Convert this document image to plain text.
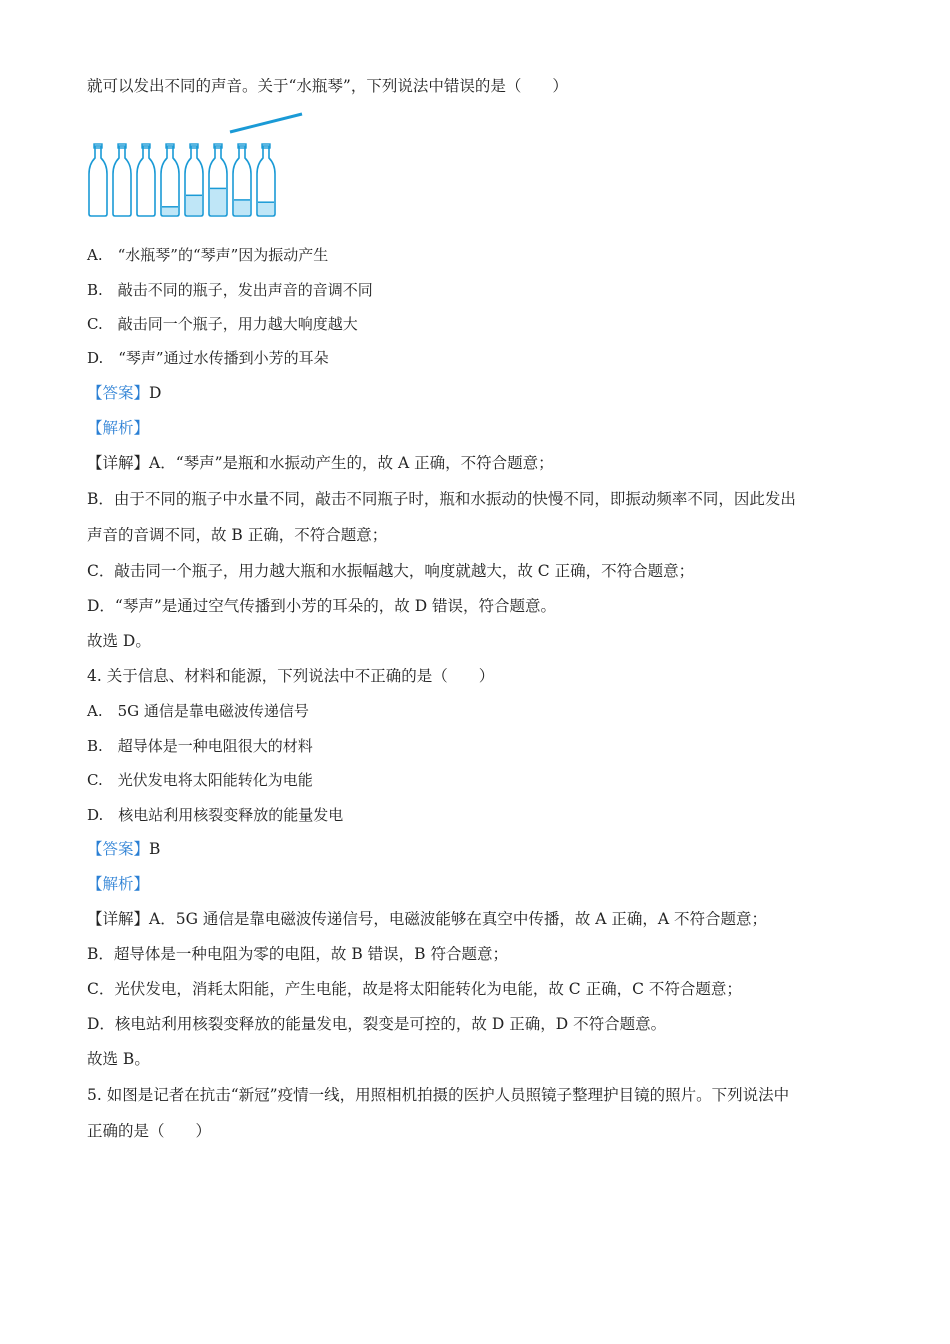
就可以发出不同的声音。关于“水瓶琴”，下列说法中错误的是（　　）
A.　“水瓶琴”的“琴声”因为振动产生
B.　敲击不同的瓶子，发出声音的音调不同
C.　敲击同一个瓶子，用力越大响度越大
D.　“琴声”通过水传播到小芳的耳朵
【答案】D
【解析】
【详解】A．“琴声”是瓶和水振动产生的，故 A 正确，不符合题意；
B．由于不同的瓶子中水量不同，敲击不同瓶子时，瓶和水振动的快慢不同，即振动频率不同，因此发出
声音的音调不同，故 B 正确，不符合题意；
C．敲击同一个瓶子，用力越大瓶和水振幅越大，响度就越大，故 C 正确，不符合题意；
D．“琴声”是通过空气传播到小芳的耳朵的，故 D 错误，符合题意。
故选 D。
4. 关于信息、材料和能源，下列说法中不正确的是（　　）
A.　5G 通信是靠电磁波传递信号
B.　超导体是一种电阻很大的材料
C.　光伏发电将太阳能转化为电能
D.　核电站利用核裂变释放的能量发电
【答案】B
【解析】
【详解】A．5G 通信是靠电磁波传递信号，电磁波能够在真空中传播，故 A 正确，A 不符合题意；
B．超导体是一种电阻为零的电阻，故 B 错误，B 符合题意；
C．光伏发电，消耗太阳能，产生电能，故是将太阳能转化为电能，故 C 正确，C 不符合题意；
D．核电站利用核裂变释放的能量发电，裂变是可控的，故 D 正确，D 不符合题意。
故选 B。
5. 如图是记者在抗击“新冠”疫情一线，用照相机拍摄的医护人员照镜子整理护目镜的照片。下列说法中
正确的是（　　）
